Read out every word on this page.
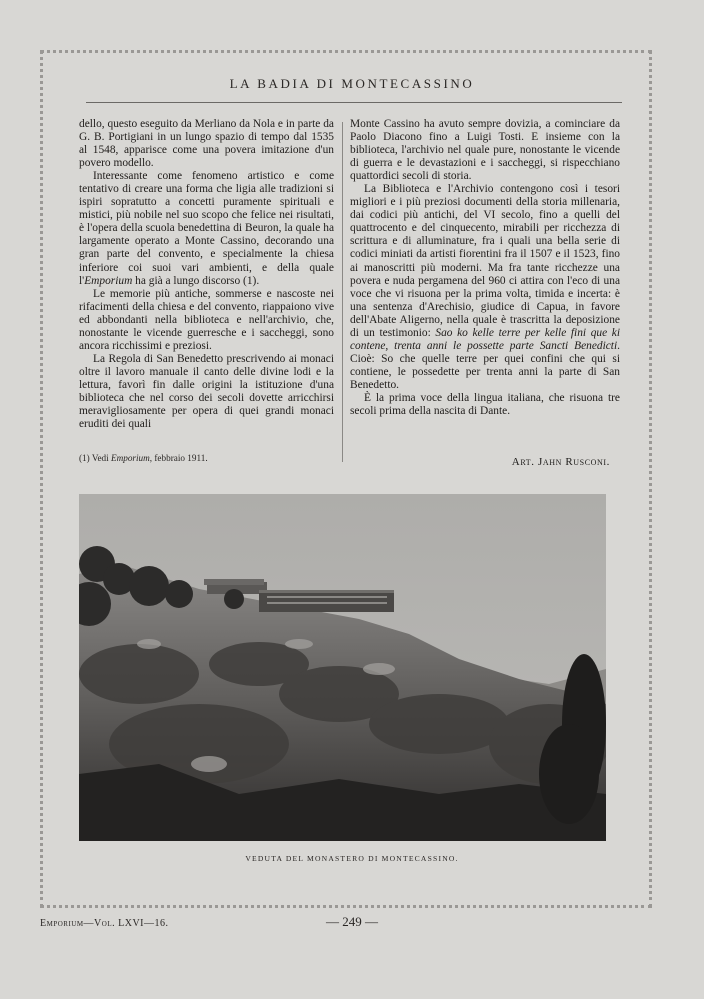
LA BADIA DI MONTECASSINO

dello, questo eseguito da Merliano da Nola e in parte da G. B. Portigiani in un lungo spazio di tempo dal 1535 al 1548, apparisce come una povera imitazione d'un povero modello.

Interessante come fenomeno artistico e come tentativo di creare una forma che ligia alle tradizioni si ispiri sopratutto a concetti puramente spirituali e mistici, più nobile nel suo scopo che felice nei risultati, è l'opera della scuola benedettina di Beuron, la quale ha largamente operato a Monte Cassino, decorando una gran parte del convento, e specialmente la chiesa inferiore coi suoi vari ambienti, e della quale l'Emporium ha già a lungo discorso (1).

Le memorie più antiche, sommerse e nascoste nei rifacimenti della chiesa e del convento, riappaiono vive ed abbondanti nella biblioteca e nell'archivio, che, nonostante le vicende guerresche e i saccheggi, sono ancora ricchissimi e preziosi.

La Regola di San Benedetto prescrivendo ai monaci oltre il lavoro manuale il canto delle divine lodi e la lettura, favorì fin dalle origini la istituzione d'una biblioteca che nel corso dei secoli dovette arricchirsi meravigliosamente per opera di quei grandi monaci eruditi dei quali

Monte Cassino ha avuto sempre dovizia, a cominciare da Paolo Diacono fino a Luigi Tosti. E insieme con la biblioteca, l'archivio nel quale pure, nonostante le vicende di guerra e le devastazioni e i saccheggi, si rispecchiano quattordici secoli di storia.

La Biblioteca e l'Archivio contengono così i tesori migliori e i più preziosi documenti della storia millenaria, dai codici più antichi, del VI secolo, fino a quelli del quattrocento e del cinquecento, mirabili per ricchezza di scrittura e di alluminature, fra i quali una bella serie di codici miniati da artisti fiorentini fra il 1507 e il 1523, fino ai manoscritti più moderni. Ma fra tante ricchezze una povera e nuda pergamena del 960 ci attira con l'eco di una voce che vi risuona per la prima volta, timida e incerta: è una sentenza d'Arechisio, giudice di Capua, in favore dell'Abate Aligerno, nella quale è trascritta la deposizione di un testimonio: Sao ko kelle terre per kelle fini que ki contene, trenta anni le possette parte Sancti Benedicti. Cioè: So che quelle terre per quei confini che qui si contiene, le possedette per trenta anni la parte di San Benedetto.

È la prima voce della lingua italiana, che risuona tre secoli prima della nascita di Dante.

(1) Vedi Emporium, febbraio 1911.	Art. Jahn Rusconi.
VEDUTA DEL MONASTERO DI MONTECASSINO.
Emporium—Vol. LXVI—16.	— 249 —
